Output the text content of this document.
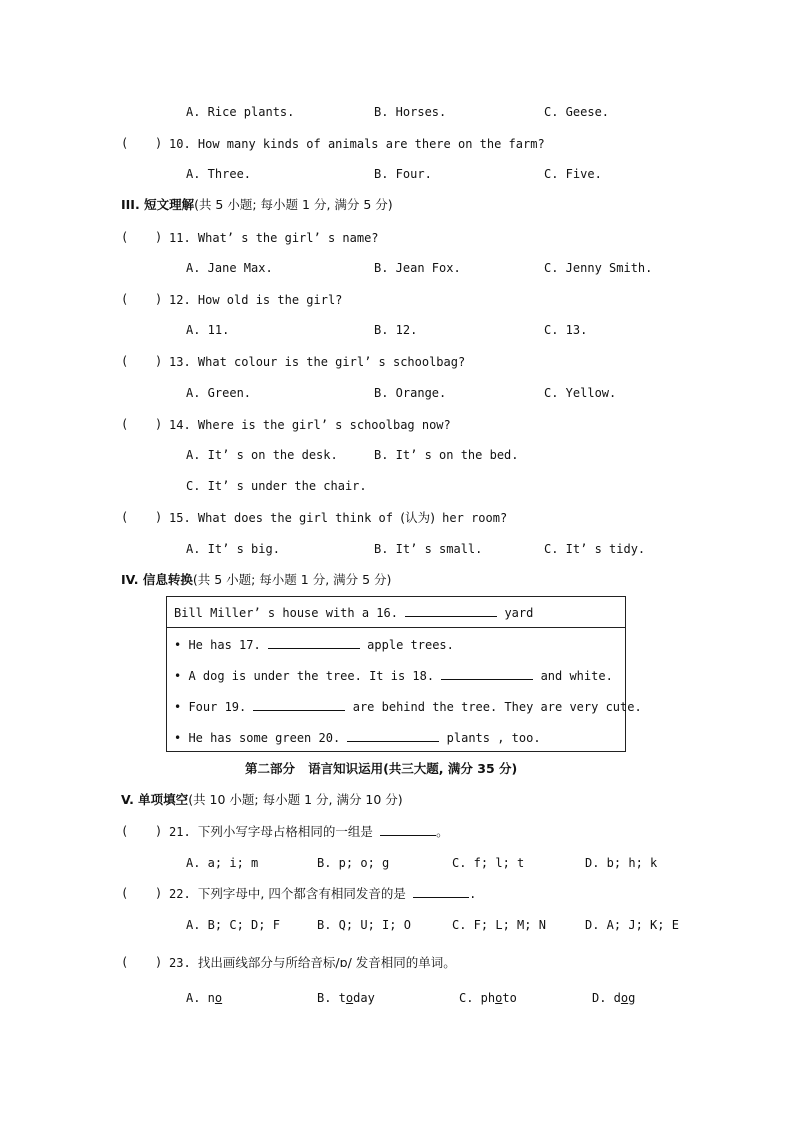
A. Rice plants.	B. Horses.	C. Geese.
( ) 10. How many kinds of animals are there on the farm?
A. Three.	B. Four.	C. Five.
III. 短文理解(共 5 小题; 每小题 1 分, 满分 5 分)
( ) 11. What’ s the girl’ s name?
A. Jane Max.	B. Jean Fox.	C. Jenny Smith.
( ) 12. How old is the girl?
A. 11.	B. 12.	C. 13.
( ) 13. What colour is the girl’ s schoolbag?
A. Green.	B. Orange.	C. Yellow.
( ) 14. Where is the girl’ s schoolbag now?
A. It’ s on the desk.	B. It’ s on the bed.
C. It’ s under the chair.
( ) 15. What does the girl think of (认为) her room?
A. It’ s big.	B. It’ s small.	C. It’ s tidy.
IV. 信息转换(共 5 小题; 每小题 1 分, 满分 5 分)
Bill Miller’ s house with a 16.	yard
• He has 17.	apple trees.
• A dog is under the tree. It is 18.	and white.
• Four 19.	are behind the tree. They are very cute.
• He has some green 20.	plants , too.
第二部分 语言知识运用(共三大题, 满分 35 分)
V. 单项填空(共 10 小题; 每小题 1 分, 满分 10 分)
( ) 21. 下列小写字母占格相同的一组是	。
A. a; i; m	B. p; o; g	C. f; l; t	D. b; h; k
( ) 22. 下列字母中, 四个都含有相同发音的是	.
A. B; C; D; F	B. Q; U; I; O	C. F; L; M; N	D. A; J; K; E
( ) 23. 找出画线部分与所给音标/ɒ/ 发音相同的单词。
A. no	B. today	C. photo	D. dog
